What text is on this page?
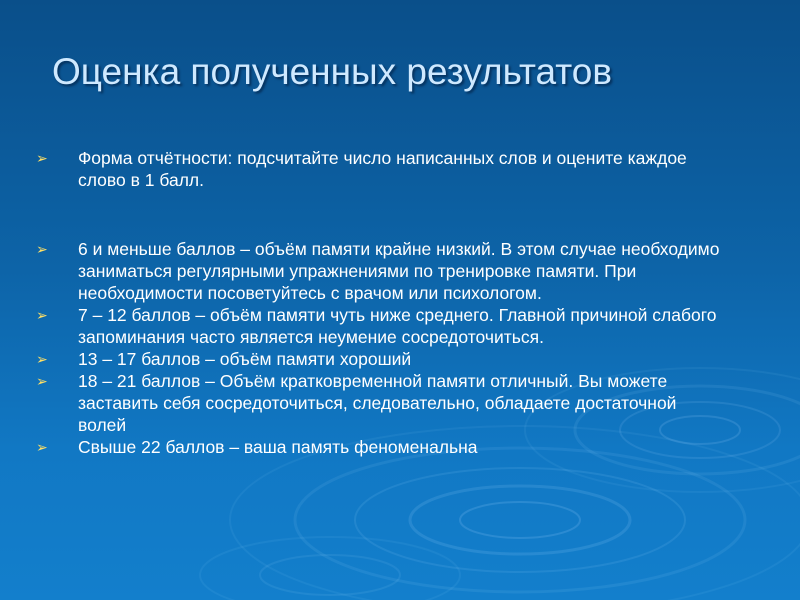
Оценка полученных результатов
➢	Форма отчётности: подсчитайте число написанных слов и оцените каждое слово в 1 балл.
➢	6 и меньше баллов – объём памяти крайне низкий. В этом случае необходимо заниматься регулярными упражнениями по тренировке памяти. При необходимости посоветуйтесь с врачом или психологом.
➢	7 – 12 баллов – объём памяти чуть ниже среднего. Главной причиной слабого запоминания часто является неумение сосредоточиться.
➢	13 – 17 баллов – объём памяти хороший
➢	18 – 21 баллов – Объём кратковременной памяти отличный. Вы можете заставить себя сосредоточиться, следовательно, обладаете достаточной волей
➢	Свыше 22 баллов – ваша память феноменальна
